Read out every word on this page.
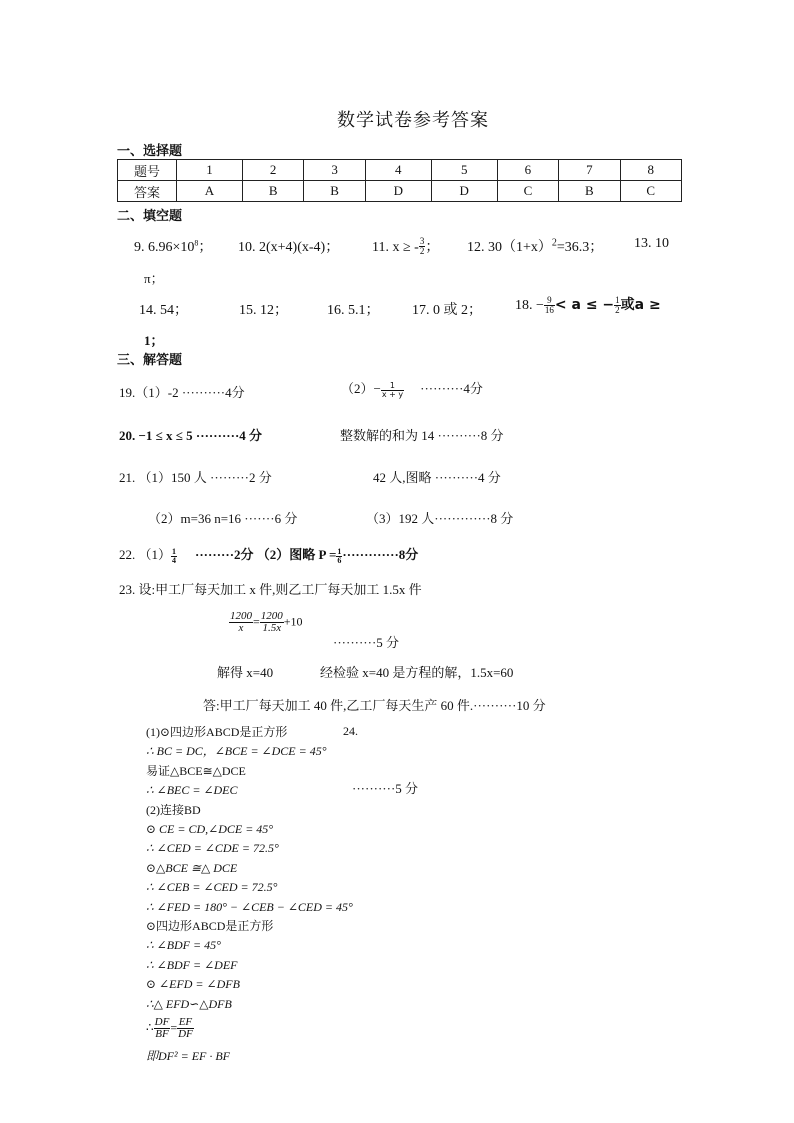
数学试卷参考答案
一、选择题
题号	1	2	3	4	5	6	7	8
答案	A	B	B	D	D	C	B	C
二、填空题
9. $6.96\times 10^8$； 10. 2(x+4)(x-4)； 11. x ≥ - $\frac{3}{2}$ ； 12. $30(1+x)^2=36.3$； 13. 10
π；
14. 54；	15. 12；	16. 5.1； 17. 0 或 2； 18. − $\frac{9}{16} < a$ ≤ − $\frac{1}{2}$ 或a ≥
1；
三、解答题
19.（1）-2 ··········4分	$(2)- \frac{1}{x + y} \cdot\cdot\cdot\cdot\cdot\cdot\cdot\cdot\cdot\cdot 4$分
20. −1 ≤ x ≤ 5 ··········4 分	整数解的和为 14 ··········8 分
21. （1）150 人 ·········2 分	42 人,图略 ··········4 分
（2）m=36 n=16 ·······6 分	（3）192 人·············8 分
22. $(1) \frac{1}{4} \cdot\cdot\cdot\cdot\cdot\cdot\cdot\cdot\cdot 2$分 （2）图略 $P = \frac{1}{6} \cdot\cdot\cdot\cdot\cdot\cdot\cdot\cdot\cdot\cdot\cdot\cdot\cdot 8$分
23. 设:甲工厂每天加工 x 件,则乙工厂每天加工 1.5x 件
$\frac{1200}{x} = \frac{1200}{1.5x} +10$
··········5 分
解得 x=40	经检验 x=40 是方程的解，1.5x=60
答:甲工厂每天加工 40 件,乙工厂每天生产 60 件.··········10 分
24.
··········5 分
(1)⊙四边形ABCD是正方形
∴ BC = DC，∠BCE = ∠DCE = 45°
易证△BCE≅△DCE
∴ ∠BEC = ∠DEC
(2)连接BD
⊙ CE = CD,∠DCE = 45°
∴ ∠CED = ∠CDE = 72.5°
⊙△BCE ≅△ DCE
∴ ∠CEB = ∠CED = 72.5°
∴ ∠FED = 180° − ∠CEB − ∠CED = 45°
⊙四边形ABCD是正方形
∴ ∠BDF = 45°
∴ ∠BDF = ∠DEF
⊙ ∠EFD = ∠DFB
∴△ EFD∽△DFB
∴ $\frac{DF}{BF} = \frac{EF}{DF}$
即DF² = EF · BF
